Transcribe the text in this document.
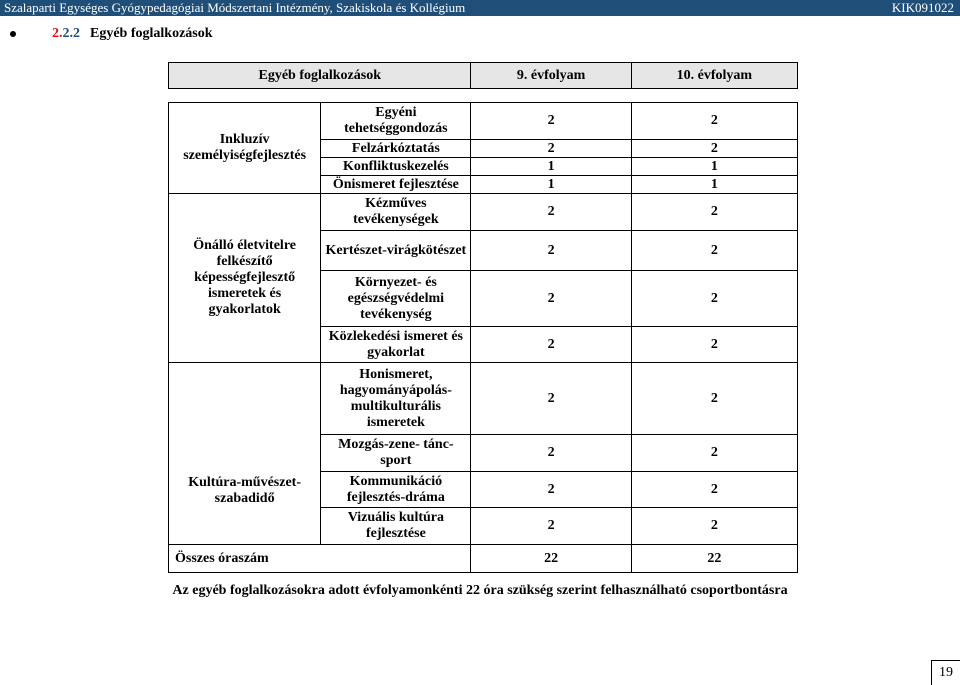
Szalaparti Egységes Gyógypedagógiai Módszertani Intézmény, Szakiskola és Kollégium	KIK091022
2. 2.2 Egyéb foglalkozások
Egyéb foglalkozások		9. évfolyam	10. évfolyam

Inkluzív személyiségfejlesztés	Egyéni tehetséggondozás	2	2
	Felzárkóztatás	2	2
	Konfliktuskezelés	1	1
	Önismeret fejlesztése	1	1
Önálló életvitelre felkészítő képességfejlesztő ismeretek és gyakorlatok	Kézműves tevékenységek	2	2
	Kertészet-virágkötészet	2	2
	Környezet- és egészségvédelmi tevékenység	2	2
	Közlekedési ismeret és gyakorlat	2	2
Kultúra-művészet-szabadidő	Honismeret, hagyományápolás-multikulturális ismeretek	2	2
	Mozgás-zene- tánc-sport	2	2
	Kommunikáció fejlesztés-dráma	2	2
	Vizuális kultúra fejlesztése	2	2
Összes óraszám		22	22
Az egyéb foglalkozásokra adott évfolyamonkénti 22 óra szükség szerint felhasználható csoportbontásra
19
